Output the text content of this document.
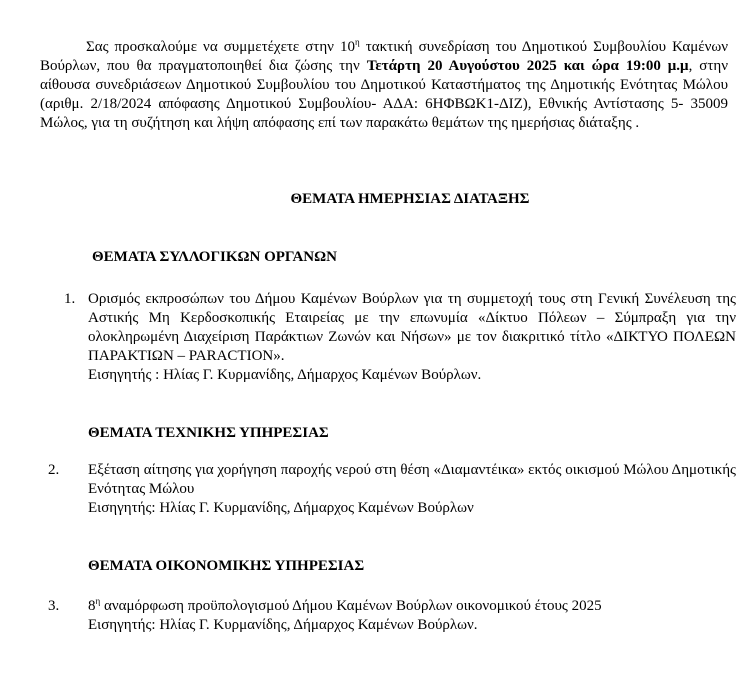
Σας προσκαλούμε να συμμετέχετε στην $10^\eta$ τακτική συνεδρίαση του Δημοτικού Συμβουλίου Καμένων Βούρλων, που θα πραγματοποιηθεί δια ζώσης την Τετάρτη 20 Αυγούστου 2025 και ώρα 19:00 μ.μ, στην αίθουσα συνεδριάσεων Δημοτικού Συμβουλίου του Δημοτικού Καταστήματος της Δημοτικής Ενότητας Μώλου (αριθμ. 2/18/2024 απόφασης Δημοτικού Συμβουλίου- ΑΔΑ: 6ΗΦΒΩΚ1-ΔΙΖ), Εθνικής Αντίστασης 5- 35009 Μώλος, για τη συζήτηση και λήψη απόφασης επί των παρακάτω θεμάτων της ημερήσιας διάταξης .
ΘΕΜΑΤΑ ΗΜΕΡΗΣΙΑΣ ΔΙΑΤΑΞΗΣ
ΘΕΜΑΤΑ ΣΥΛΛΟΓΙΚΩΝ ΟΡΓΑΝΩΝ
1. Ορισμός εκπροσώπων του Δήμου Καμένων Βούρλων για τη συμμετοχή τους στη Γενική Συνέλευση της Αστικής Μη Κερδοσκοπικής Εταιρείας με την επωνυμία «Δίκτυο Πόλεων – Σύμπραξη για την ολοκληρωμένη Διαχείριση Παράκτιων Ζωνών και Νήσων» με τον διακριτικό τίτλο «ΔΙΚΤΥΟ ΠΟΛΕΩΝ ΠΑΡΑΚΤΙΩΝ – PARACTION».
Εισηγητής : Ηλίας Γ. Κυρμανίδης, Δήμαρχος Καμένων Βούρλων.
ΘΕΜΑΤΑ ΤΕΧΝΙΚΗΣ ΥΠΗΡΕΣΙΑΣ
2. Εξέταση αίτησης για χορήγηση παροχής νερού στη θέση «Διαμαντέικα» εκτός οικισμού Μώλου Δημοτικής Ενότητας Μώλου
Εισηγητής: Ηλίας Γ. Κυρμανίδης, Δήμαρχος Καμένων Βούρλων
ΘΕΜΑΤΑ ΟΙΚΟΝΟΜΙΚΗΣ ΥΠΗΡΕΣΙΑΣ
3. $8^\eta$ αναμόρφωση προϋπολογισμού Δήμου Καμένων Βούρλων οικονομικού έτους 2025
Εισηγητής: Ηλίας Γ. Κυρμανίδης, Δήμαρχος Καμένων Βούρλων.
